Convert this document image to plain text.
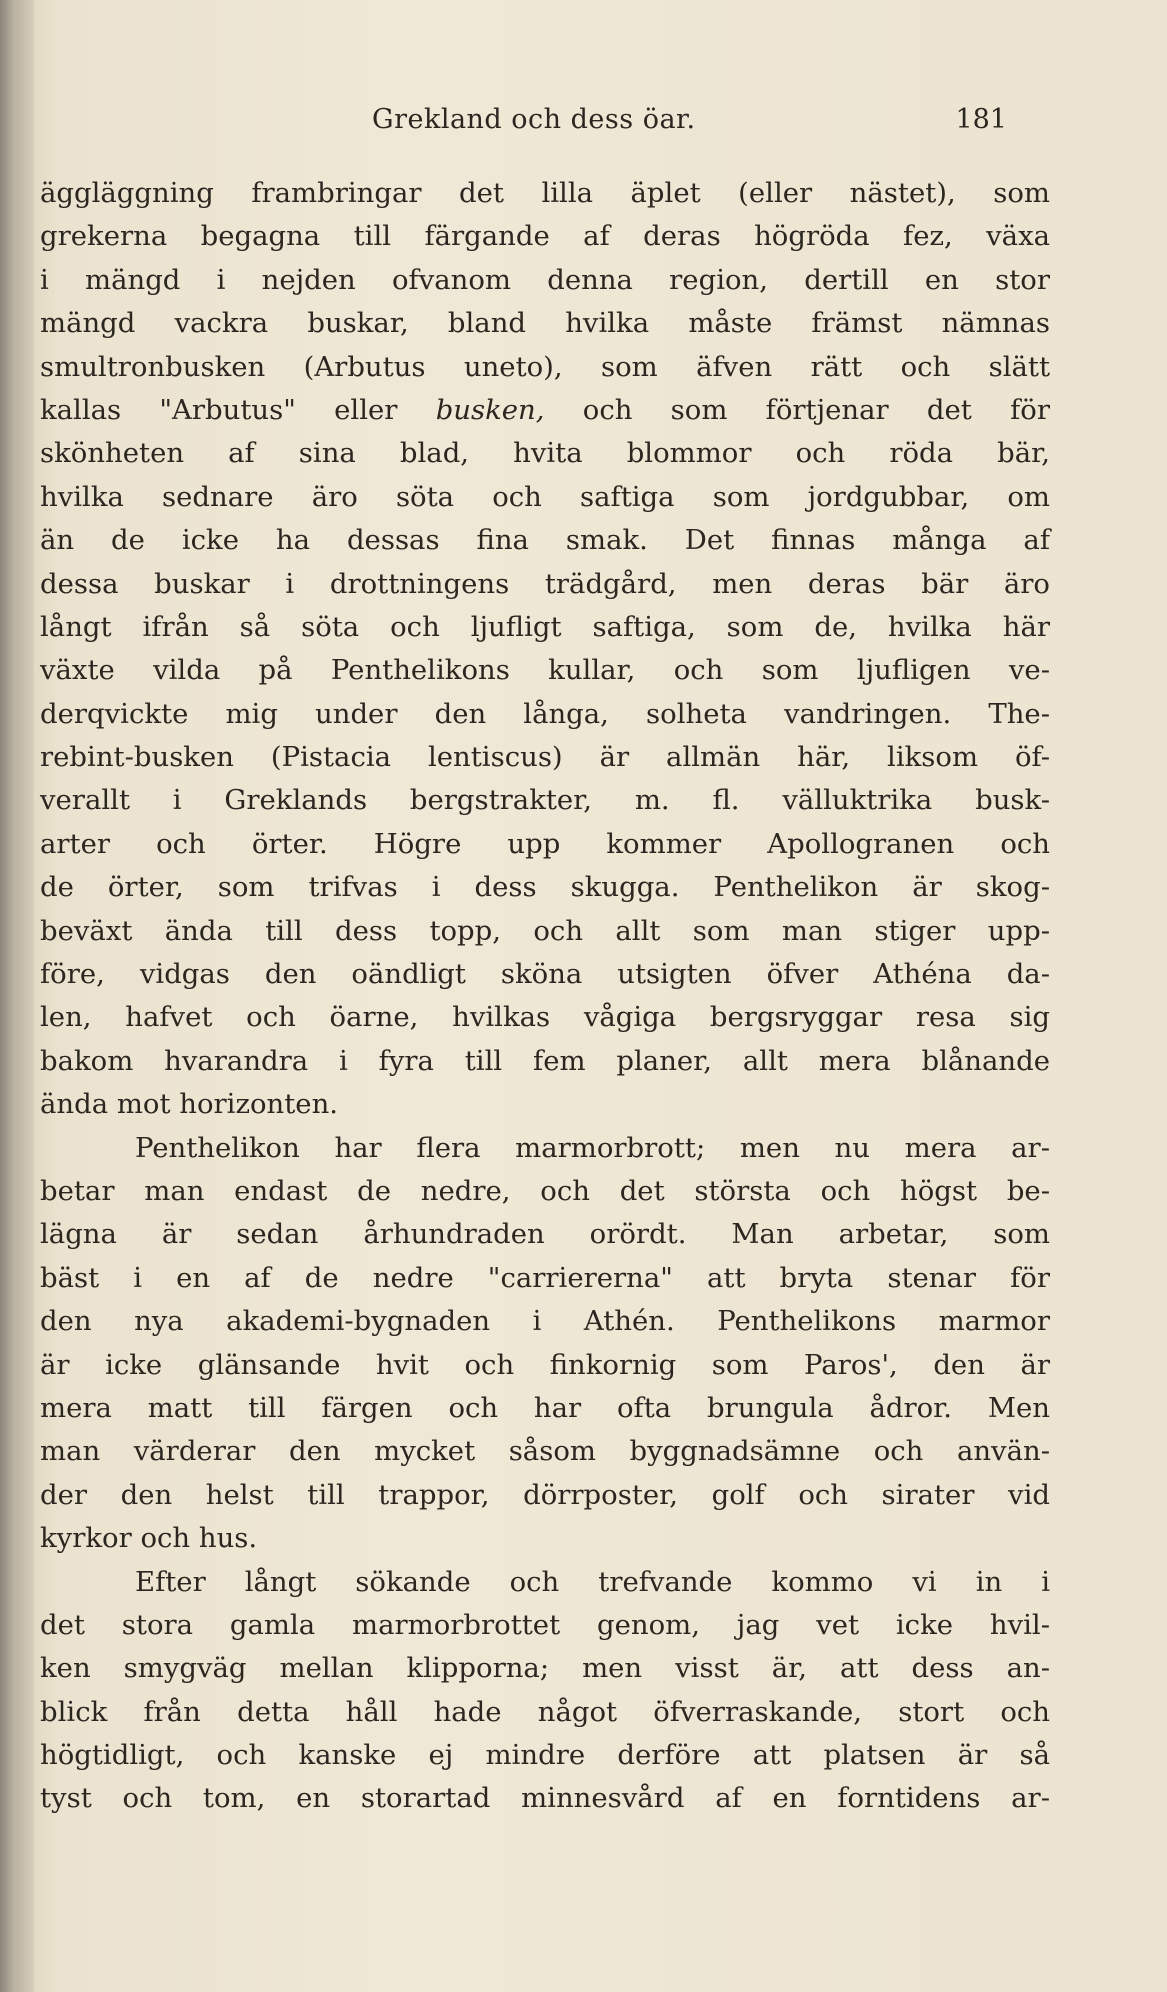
Grekland och dess öar.	181
äggläggning frambringar det lilla äplet (eller nästet), som
grekerna begagna till färgande af deras högröda fez, växa
i mängd i nejden ofvanom denna region, dertill en stor
mängd vackra buskar, bland hvilka måste främst nämnas
smultronbusken (Arbutus uneto), som äfven rätt och slätt
kallas "Arbutus" eller busken, och som förtjenar det för
skönheten af sina blad, hvita blommor och röda bär,
hvilka sednare äro söta och saftiga som jordgubbar, om
än de icke ha dessas fina smak. Det finnas många af
dessa buskar i drottningens trädgård, men deras bär äro
långt ifrån så söta och ljufligt saftiga, som de, hvilka här
växte vilda på Penthelikons kullar, och som ljufligen ve-
derqvickte mig under den långa, solheta vandringen. The-
rebint-busken (Pistacia lentiscus) är allmän här, liksom öf-
verallt i Greklands bergstrakter, m. fl. välluktrika busk-
arter och örter. Högre upp kommer Apollogranen och
de örter, som trifvas i dess skugga. Penthelikon är skog-
beväxt ända till dess topp, och allt som man stiger upp-
före, vidgas den oändligt sköna utsigten öfver Athéna da-
len, hafvet och öarne, hvilkas vågiga bergsryggar resa sig
bakom hvarandra i fyra till fem planer, allt mera blånande
ända mot horizonten.
Penthelikon har flera marmorbrott; men nu mera ar-
betar man endast de nedre, och det största och högst be-
lägna är sedan århundraden orördt. Man arbetar, som
bäst i en af de nedre "carriererna" att bryta stenar för
den nya akademi-bygnaden i Athén. Penthelikons marmor
är icke glänsande hvit och finkornig som Paros', den är
mera matt till färgen och har ofta brungula ådror. Men
man värderar den mycket såsom byggnadsämne och använ-
der den helst till trappor, dörrposter, golf och sirater vid
kyrkor och hus.
Efter långt sökande och trefvande kommo vi in i
det stora gamla marmorbrottet genom, jag vet icke hvil-
ken smygväg mellan klipporna; men visst är, att dess an-
blick från detta håll hade något öfverraskande, stort och
högtidligt, och kanske ej mindre derföre att platsen är så
tyst och tom, en storartad minnesvård af en forntidens ar-
